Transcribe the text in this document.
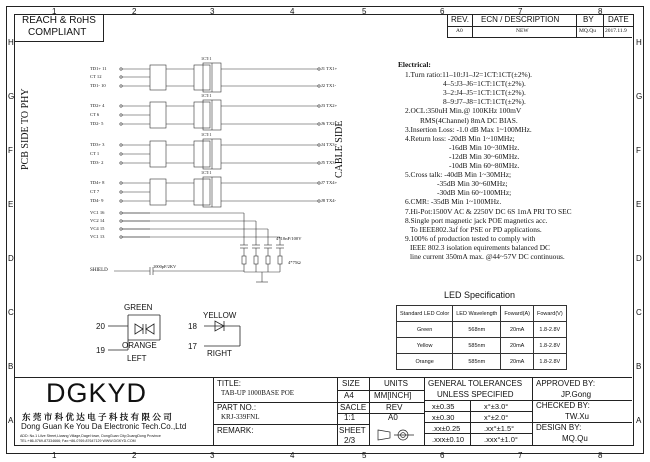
1
1
2
2
3
3
4
4
5
5
6
6
7
7
8
8
H	H
G	G
F	F
E	E
D	D
C	C
B	B
A	A
REACH & RoHS
COMPLIANT
REV. ECN / DESCRIPTION	BY DATE
A0	NEW	MQ.Qu 2017.11.9
TD1+ 11
CT 12
TD1- 10
TD2+ 4
CT 6
TD2- 5
TD3+ 3
CT 1
TD3- 2
TD4+ 8
CT 7
TD4- 9
VC1 16
VC2 14
VC4 15
VC1 13
1CT:1
1CT:1
1CT:1
1CT:1
J1 TX1+
J2 TX1-
J3 TX2+
J6 TX2-
J4 TX3+
J5 TX3-
J7 TX4+
J8 TX4-
PCB SIDE TO PHY	CABLE SIDE
4*10nF/100V
4*75Ω
SHIELD
1000pF/2KV
Electrical:
1.Turn ratio:11–10:J1–J2=1CT:1CT(±2%).
4–5:J3–J6=1CT:1CT(±2%).
3–2:J4–J5=1CT:1CT(±2%).
8–9:J7–J8=1CT:1CT(±2%).
2.OCL:350uH Min.@ 100KHz 100mV
RMS(4Channel) 8mA DC BIAS.
3.Insertion Loss: -1.0 dB Max 1~100MHz.
4.Return loss: -20dB Min 1~10MHz;
-16dB Min 10~30MHz.
-12dB Min 30~60MHz.
-10dB Min 60~80MHz.
5.Cross talk: -40dB Min 1~30MHz;
-35dB Min 30~60MHz;
-30dB Min 60~100MHz;
6.CMR: -35dB Min 1~100MHz.
7.Hi-Pot:1500V AC & 2250V DC 6S 1mA PRI TO SEC
8.Single port magnetic jack POE magnetics acc.
To IEEE802.3af for PSE or PD applications.
9.100% of production tested to comply with
IEEE 802.3 isolation equirements balanced DC
line current 350mA max. @44~57V DC continuous.
LED Specification
Standard LED Color	LED Wavelength	Foward(A)	Foward(V)
Green	568nm	20mA	1.8-2.8V
Yellow	585nm	20mA	1.8-2.8V
Orange	585nm	20mA	1.8-2.8V
GREEN
ORANGE
20
19
LEFT
YELLOW
18
17
RIGHT
DGKYD
东 莞 市 科 优 达 电 子 科 技 有 限 公 司
Dong Guan Ke You Da Electronic Tech.Co.,Ltd
ADD: No.1 Lilve Street,Liwang Village,Dagel town, DongGuan City,GuangDong Province
TEL:+86-0769-87334666; Fax:+86-0769-87647129 WWW.DGKYD.COM
TITLE:
TAB-UP 1000BASE POE
PART NO.:
KRJ-339FNL
REMARK:
SIZE
A4
UNITS
MM[INCH]
SACLE
1:1
REV
A0
SHEET
2/3
GENERAL TOLERANCES
UNLESS SPECIFIED
x±0.35	x°±3.0°
x±0.30	x°±2.0°
.xx±0.25	.xx°±1.5°
.xxx±0.10	.xxx°±1.0°
APPROVED BY:
JP.Gong
CHECKED BY:
TW.Xu
DESIGN BY:
MQ.Qu
